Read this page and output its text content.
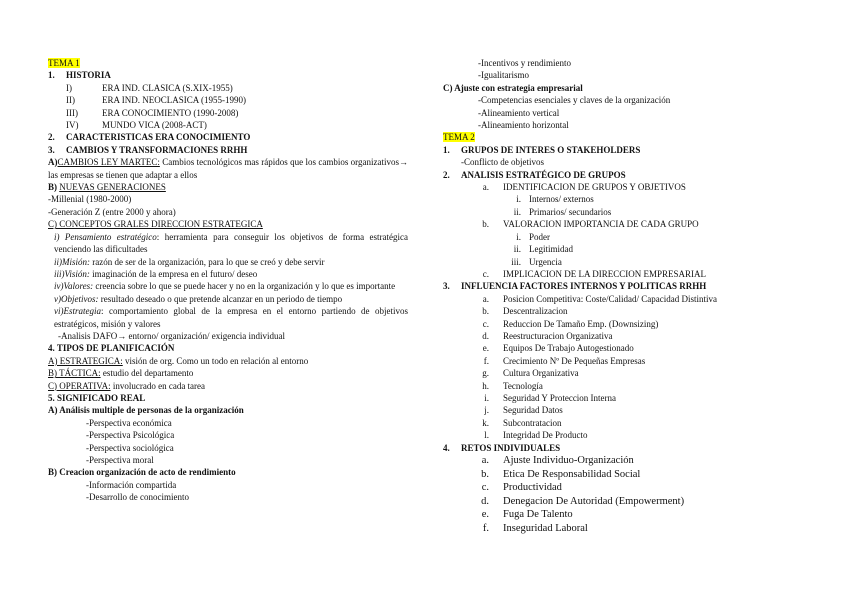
TEMA 1
1. HISTORIA
I)	ERA IND. CLASICA (S.XIX-1955)
II)	ERA IND. NEOCLASICA (1955-1990)
III)	ERA CONOCIMIENTO (1990-2008)
IV)	MUNDO VICA (2008-ACT)
2. CARACTERISTICAS ERA CONOCIMIENTO
3. CAMBIOS Y TRANSFORMACIONES RRHH
A)CAMBIOS LEY MARTEC: Cambios tecnológicos mas rápidos que los cambios organizativos→ las empresas se tienen que adaptar a ellos
B) NUEVAS GENERACIONES
-Millenial (1980-2000)
-Generación Z (entre 2000 y ahora)
C) CONCEPTOS GRALES DIRECCION ESTRATEGICA
i) Pensamiento estratégico: herramienta para conseguir los objetivos de forma estratégica venciendo las dificultades
ii)Misión: razón de ser de la organización, para lo que se creó y debe servir
iii)Visión: imaginación de la empresa en el futuro/ deseo
iv)Valores: creencia sobre lo que se puede hacer y no en la organización y lo que es importante
v)Objetivos: resultado deseado o que pretende alcanzar en un periodo de tiempo
vi)Estrategia: comportamiento global de la empresa en el entorno partiendo de objetivos estratégicos, misión y valores
-Analisis DAFO→ entorno/ organización/ exigencia individual
4. TIPOS DE PLANIFICACIÓN
A) ESTRATEGICA: visión de org. Como un todo en relación al entorno
B) TÁCTICA: estudio del departamento
C) OPERATIVA: involucrado en cada tarea
5. SIGNIFICADO REAL
A) Análisis multiple de personas de la organización
-Perspectiva económica
-Perspectiva Psicológica
-Perspectiva sociológica
-Perspectiva moral
B) Creacion organización de acto de rendimiento
-Información compartida
-Desarrollo de conocimiento
-Incentivos y rendimiento
-Igualitarismo
C) Ajuste con estrategia empresarial
-Competencias esenciales y claves de la organización
-Alineamiento vertical
-Alineamiento horizontal
TEMA 2
1. GRUPOS DE INTERES O STAKEHOLDERS
-Conflicto de objetivos
2. ANALISIS ESTRATÉGICO DE GRUPOS
a. IDENTIFICACION DE GRUPOS Y OBJETIVOS
i. Internos/ externos
ii. Primarios/ secundarios
b. VALORACION IMPORTANCIA DE CADA GRUPO
i. Poder
ii. Legitimidad
iii. Urgencia
c. IMPLICACION DE LA DIRECCION EMPRESARIAL
3. INFLUENCIA FACTORES INTERNOS Y POLITICAS RRHH
a. Posicion Competitiva: Coste/Calidad/ Capacidad Distintiva
b. Descentralizacion
c. Reduccion De Tamaño Emp. (Downsizing)
d. Reestructuracion Organizativa
e. Equipos De Trabajo Autogestionado
f. Crecimiento Nº De Pequeñas Empresas
g. Cultura Organizativa
h. Tecnología
i. Seguridad Y Proteccion Interna
j. Seguridad Datos
k. Subcontratacion
l. Integridad De Producto
4. RETOS INDIVIDUALES
a. Ajuste Individuo-Organización
b. Etica De Responsabilidad Social
c. Productividad
d. Denegacion De Autoridad (Empowerment)
e. Fuga De Talento
f. Inseguridad Laboral
